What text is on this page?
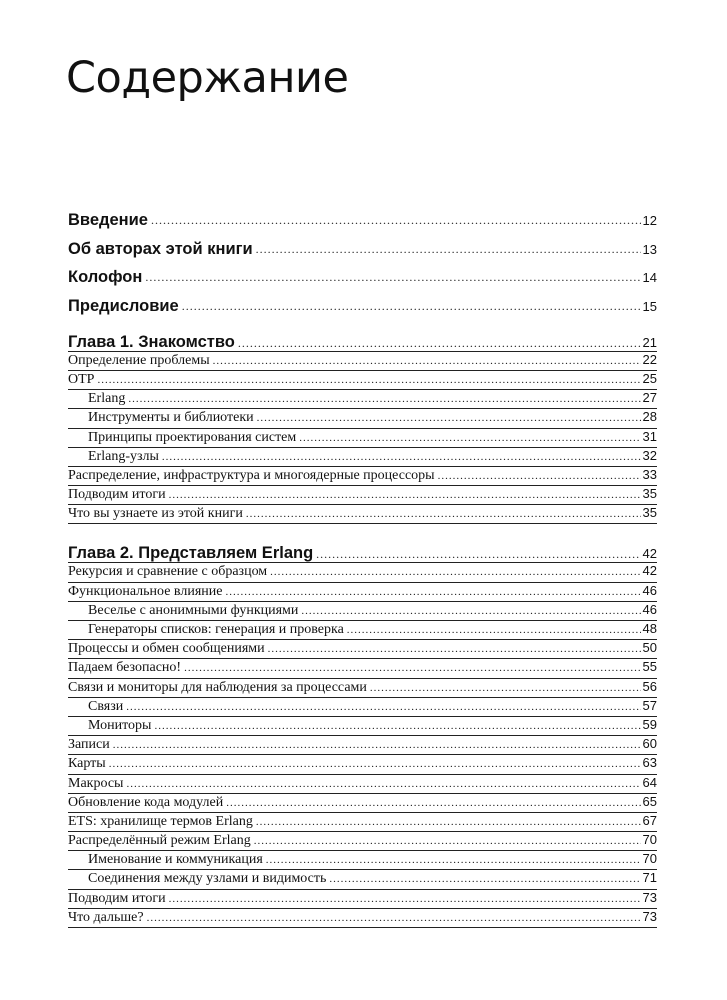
Содержание
Введение .....	12
Об авторах этой книги .....	13
Колофон .....	14
Предисловие .....	15
Глава 1. Знакомство .....	21
Определение проблемы .....	22
OTP .....	25
Erlang .....	27
Инструменты и библиотеки .....	28
Принципы проектирования систем .....	31
Erlang-узлы .....	32
Распределение, инфраструктура и многоядерные процессоры .....	33
Подводим итоги .....	35
Что вы узнаете из этой книги .....	35
Глава 2. Представляем Erlang .....	42
Рекурсия и сравнение с образцом .....	42
Функциональное влияние .....	46
Веселье с анонимными функциями .....	46
Генераторы списков: генерация и проверка .....	48
Процессы и обмен сообщениями .....	50
Падаем безопасно! .....	55
Связи и мониторы для наблюдения за процессами .....	56
Связи .....	57
Мониторы .....	59
Записи .....	60
Карты .....	63
Макросы .....	64
Обновление кода модулей .....	65
ETS: хранилище термов Erlang .....	67
Распределённый режим Erlang .....	70
Именование и коммуникация .....	70
Соединения между узлами и видимость .....	71
Подводим итоги .....	73
Что дальше? .....	73
